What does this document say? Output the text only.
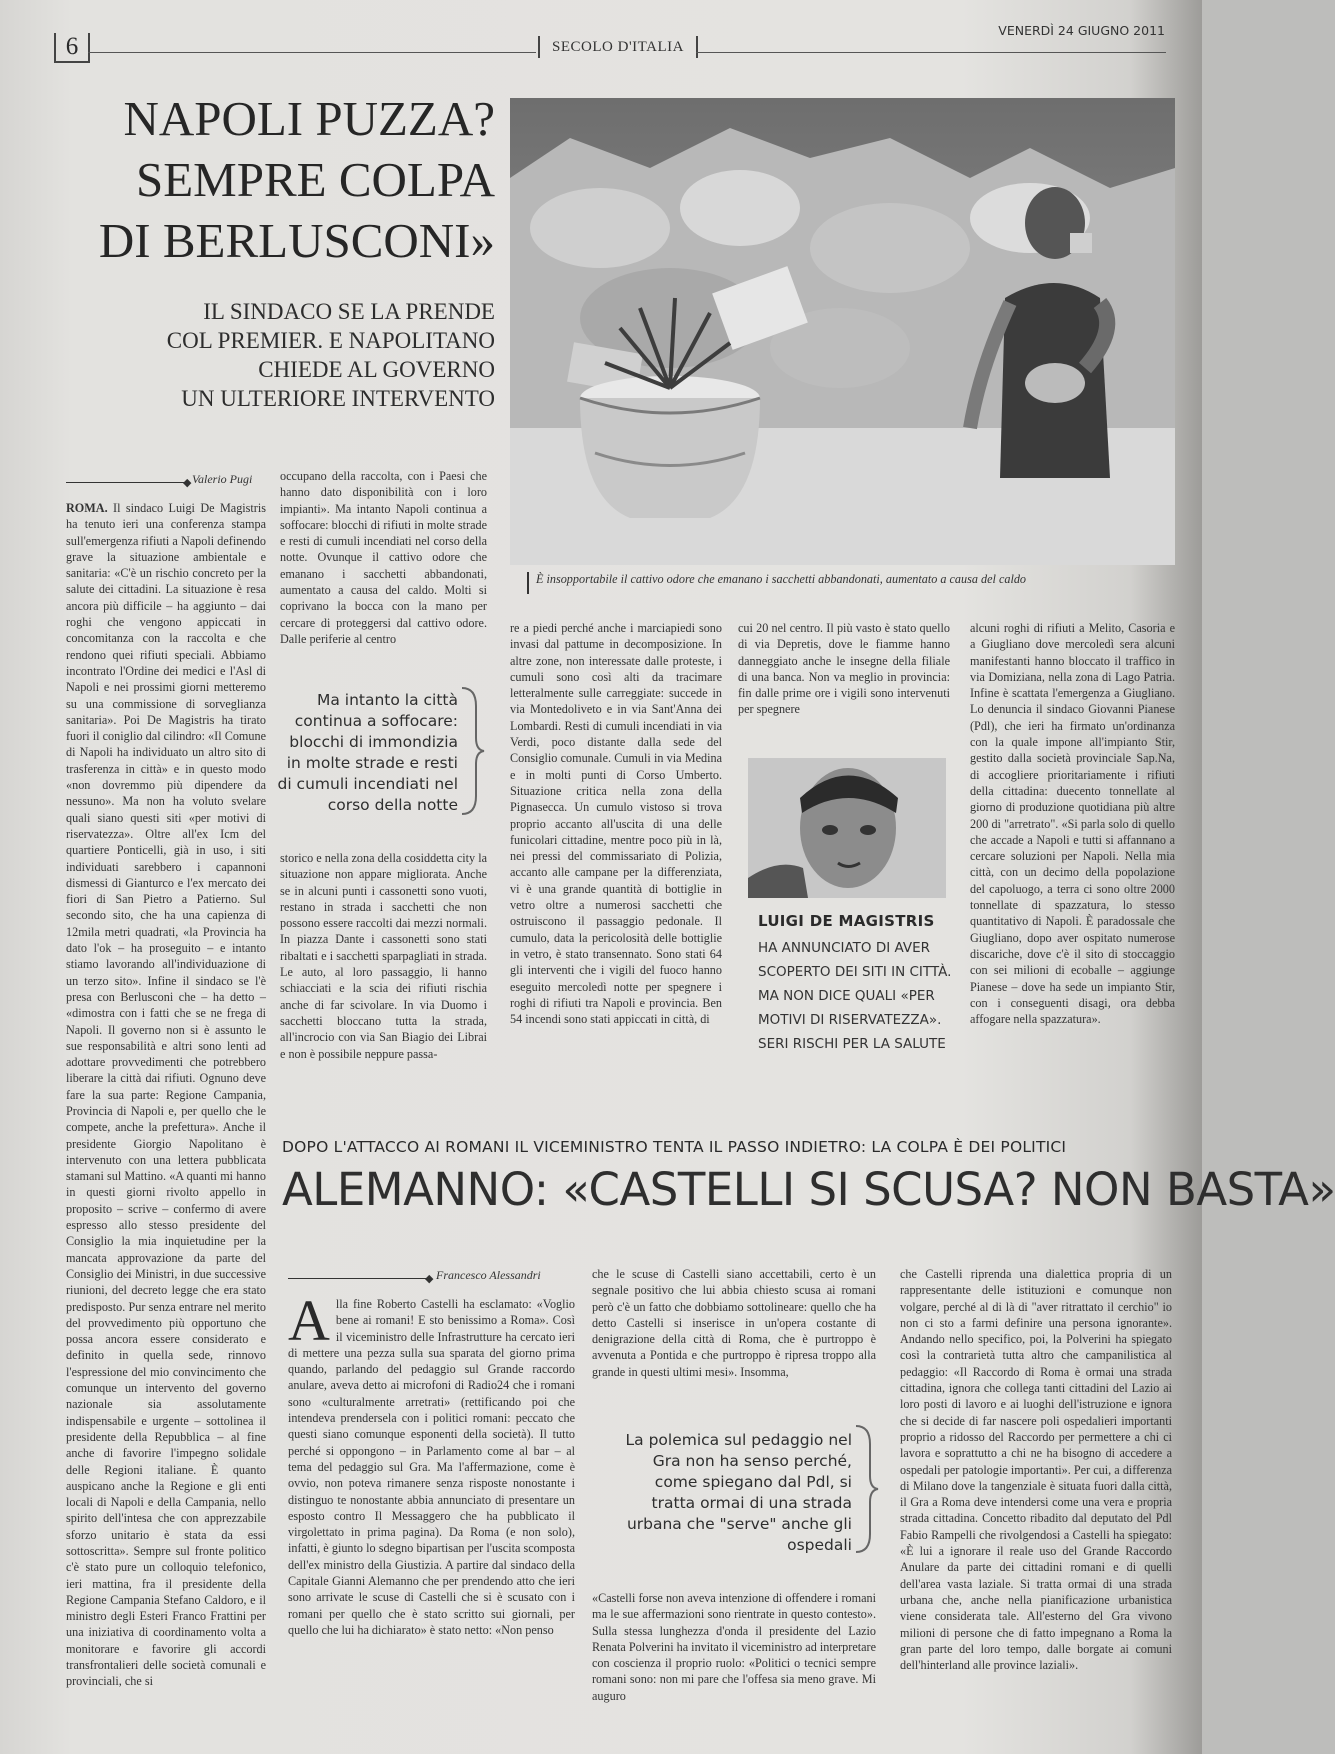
6	SECOLO D'ITALIA
VENERDÌ 24 GIUGNO 2011
NAPOLI PUZZA?
SEMPRE COLPA
DI BERLUSCONI»
IL SINDACO SE LA PRENDE
COL PREMIER. E NAPOLITANO
CHIEDE AL GOVERNO
UN ULTERIORE INTERVENTO
È insopportabile il cattivo odore che emanano i sacchetti abbandonati, aumentato a causa del caldo
◆ Valerio Pugi

ROMA. Il sindaco Luigi De Magistris ha tenuto ieri una conferenza stampa sull'emergenza rifiuti a Napoli definendo grave la situazione ambientale e sanitaria: «C'è un rischio concreto per la salute dei cittadini. La situazione è resa ancora più difficile – ha aggiunto – dai roghi che vengono appiccati in concomitanza con la raccolta e che rendono quei rifiuti speciali. Abbiamo incontrato l'Ordine dei medici e l'Asl di Napoli e nei prossimi giorni metteremo su una commissione di sorveglianza sanitaria». Poi De Magistris ha tirato fuori il coniglio dal cilindro: «Il Comune di Napoli ha individuato un altro sito di trasferenza in città» e in questo modo «non dovremmo più dipendere da nessuno». Ma non ha voluto svelare quali siano questi siti «per motivi di riservatezza». Oltre all'ex Icm del quartiere Ponticelli, già in uso, i siti individuati sarebbero i capannoni dismessi di Gianturco e l'ex mercato dei fiori di San Pietro a Patierno. Sul secondo sito, che ha una capienza di 12mila metri quadrati, «la Provincia ha dato l'ok – ha proseguito – e intanto stiamo lavorando all'individuazione di un terzo sito». Infine il sindaco se l'è presa con Berlusconi che – ha detto – «dimostra con i fatti che se ne frega di Napoli. Il governo non si è assunto le sue responsabilità e altri sono lenti ad adottare provvedimenti che potrebbero liberare la città dai rifiuti. Ognuno deve fare la sua parte: Regione Campania, Provincia di Napoli e, per quello che le compete, anche la prefettura». Anche il presidente Giorgio Napolitano è intervenuto con una lettera pubblicata stamani sul Mattino. «A quanti mi hanno in questi giorni rivolto appello in proposito – scrive – confermo di avere espresso allo stesso presidente del Consiglio la mia inquietudine per la mancata approvazione da parte del Consiglio dei Ministri, in due successive riunioni, del decreto legge che era stato predisposto. Pur senza entrare nel merito del provvedimento più opportuno che possa ancora essere considerato e definito in quella sede, rinnovo l'espressione del mio convincimento che comunque un intervento del governo nazionale sia assolutamente indispensabile e urgente – sottolinea il presidente della Repubblica – al fine anche di favorire l'impegno solidale delle Regioni italiane. È quanto auspicano anche la Regione e gli enti locali di Napoli e della Campania, nello spirito dell'intesa che con apprezzabile sforzo unitario è stata da essi sottoscritta». Sempre sul fronte politico c'è stato pure un colloquio telefonico, ieri mattina, fra il presidente della Regione Campania Stefano Caldoro, e il ministro degli Esteri Franco Frattini per una iniziativa di coordinamento volta a monitorare e favorire gli accordi transfrontalieri delle società comunali e provinciali, che si

occupano della raccolta, con i Paesi che hanno dato disponibilità con i loro impianti». Ma intanto Napoli continua a soffocare: blocchi di rifiuti in molte strade e resti di cumuli incendiati nel corso della notte. Ovunque il cattivo odore che emanano i sacchetti abbandonati, aumentato a causa del caldo. Molti si coprivano la bocca con la mano per cercare di proteggersi dal cattivo odore. Dalle periferie al centro
Ma intanto la città continua a soffocare: blocchi di immondizia in molte strade e resti di cumuli incendiati nel corso della notte
storico e nella zona della cosiddetta city la situazione non appare migliorata. Anche se in alcuni punti i cassonetti sono vuoti, restano in strada i sacchetti che non possono essere raccolti dai mezzi normali. In piazza Dante i cassonetti sono stati ribaltati e i sacchetti sparpagliati in strada. Le auto, al loro passaggio, li hanno schiacciati e la scia dei rifiuti rischia anche di far scivolare. In via Duomo i sacchetti bloccano tutta la strada, all'incrocio con via San Biagio dei Librai e non è possibile neppure passa-
re a piedi perché anche i marciapiedi sono invasi dal pattume in decomposizione. In altre zone, non interessate dalle proteste, i cumuli sono così alti da tracimare letteralmente sulle carreggiate: succede in via Montedoliveto e in via Sant'Anna dei Lombardi. Resti di cumuli incendiati in via Verdi, poco distante dalla sede del Consiglio comunale. Cumuli in via Medina e in molti punti di Corso Umberto. Situazione critica nella zona della Pignasecca. Un cumulo vistoso si trova proprio accanto all'uscita di una delle funicolari cittadine, mentre poco più in là, nei pressi del commissariato di Polizia, accanto alle campane per la differenziata, vi è una grande quantità di bottiglie in vetro oltre a numerosi sacchetti che ostruiscono il passaggio pedonale. Il cumulo, data la pericolosità delle bottiglie in vetro, è stato transennato. Sono stati 64 gli interventi che i vigili del fuoco hanno eseguito mercoledì notte per spegnere i roghi di rifiuti tra Napoli e provincia. Ben 54 incendi sono stati appiccati in città, di
cui 20 nel centro. Il più vasto è stato quello di via Depretis, dove le fiamme hanno danneggiato anche le insegne della filiale di una banca. Non va meglio in provincia: fin dalle prime ore i vigili sono intervenuti per spegnere
LUIGI DE MAGISTRIS
HA ANNUNCIATO DI AVER SCOPERTO DEI SITI IN CITTÀ. MA NON DICE QUALI «PER MOTIVI DI RISERVATEZZA». SERI RISCHI PER LA SALUTE
alcuni roghi di rifiuti a Melito, Casoria e a Giugliano dove mercoledì sera alcuni manifestanti hanno bloccato il traffico in via Domiziana, nella zona di Lago Patria. Infine è scattata l'emergenza a Giugliano. Lo denuncia il sindaco Giovanni Pianese (Pdl), che ieri ha firmato un'ordinanza con la quale impone all'impianto Stir, gestito dalla società provinciale Sap.Na, di accogliere prioritariamente i rifiuti della cittadina: duecento tonnellate al giorno di produzione quotidiana più altre 200 di "arretrato". «Si parla solo di quello che accade a Napoli e tutti si affannano a cercare soluzioni per Napoli. Nella mia città, con un decimo della popolazione del capoluogo, a terra ci sono oltre 2000 tonnellate di spazzatura, lo stesso quantitativo di Napoli. È paradossale che Giugliano, dopo aver ospitato numerose discariche, dove c'è il sito di stoccaggio con sei milioni di ecoballe – aggiunge Pianese – dove ha sede un impianto Stir, con i conseguenti disagi, ora debba affogare nella spazzatura».
DOPO L'ATTACCO AI ROMANI IL VICEMINISTRO TENTA IL PASSO INDIETRO: LA COLPA È DEI POLITICI
ALEMANNO: «CASTELLI SI SCUSA? NON BASTA»
◆ Francesco Alessandri
A lla fine Roberto Castelli ha esclamato: «Voglio bene ai romani! E sto benissimo a Roma». Così il viceministro delle Infrastrutture ha cercato ieri di mettere una pezza sulla sua sparata del giorno prima quando, parlando del pedaggio sul Grande raccordo anulare, aveva detto ai microfoni di Radio24 che i romani sono «culturalmente arretrati» (rettificando poi che intendeva prendersela con i politici romani: peccato che questi siano comunque esponenti della società). Il tutto perché si oppongono – in Parlamento come al bar – al tema del pedaggio sul Gra. Ma l'affermazione, come è ovvio, non poteva rimanere senza risposte nonostante i distinguo te nonostante abbia annunciato di presentare un esposto contro Il Messaggero che ha pubblicato il virgolettato in prima pagina). Da Roma (e non solo), infatti, è giunto lo sdegno bipartisan per l'uscita scomposta dell'ex ministro della Giustizia. A partire dal sindaco della Capitale Gianni Alemanno che per prendendo atto che ieri sono arrivate le scuse di Castelli che si è scusato con i romani per quello che è stato scritto sui giornali, per quello che lui ha dichiarato» è stato netto: «Non penso
che le scuse di Castelli siano accettabili, certo è un segnale positivo che lui abbia chiesto scusa ai romani però c'è un fatto che dobbiamo sottolineare: quello che ha detto Castelli si inserisce in un'opera costante di denigrazione della città di Roma, che è purtroppo è avvenuta a Pontida e che purtroppo è ripresa troppo alla grande in questi ultimi mesi». Insomma,
La polemica sul pedaggio nel Gra non ha senso perché, come spiegano dal Pdl, si tratta ormai di una strada urbana che "serve" anche gli ospedali
«Castelli forse non aveva intenzione di offendere i romani ma le sue affermazioni sono rientrate in questo contesto». Sulla stessa lunghezza d'onda il presidente del Lazio Renata Polverini ha invitato il viceministro ad interpretare con coscienza il proprio ruolo: «Politici o tecnici sempre romani sono: non mi pare che l'offesa sia meno grave. Mi auguro
che Castelli riprenda una dialettica propria di un rappresentante delle istituzioni e comunque non volgare, perché al di là di "aver ritrattato il cerchio" io non ci sto a farmi definire una persona ignorante». Andando nello specifico, poi, la Polverini ha spiegato così la contrarietà tutta altro che campanilistica al pedaggio: «Il Raccordo di Roma è ormai una strada cittadina, ignora che collega tanti cittadini del Lazio ai loro posti di lavoro e ai luoghi dell'istruzione e ignora che si decide di far nascere poli ospedalieri importanti proprio a ridosso del Raccordo per permettere a chi ci lavora e soprattutto a chi ne ha bisogno di accedere a ospedali per patologie importanti». Per cui, a differenza di Milano dove la tangenziale è situata fuori dalla città, il Gra a Roma deve intendersi come una vera e propria strada cittadina. Concetto ribadito dal deputato del Pdl Fabio Rampelli che rivolgendosi a Castelli ha spiegato: «È lui a ignorare il reale uso del Grande Raccordo Anulare da parte dei cittadini romani e di quelli dell'area vasta laziale. Si tratta ormai di una strada urbana che, anche nella pianificazione urbanistica viene considerata tale. All'esterno del Gra vivono milioni di persone che di fatto impegnano a Roma la gran parte del loro tempo, dalle borgate ai comuni dell'hinterland alle province laziali».
